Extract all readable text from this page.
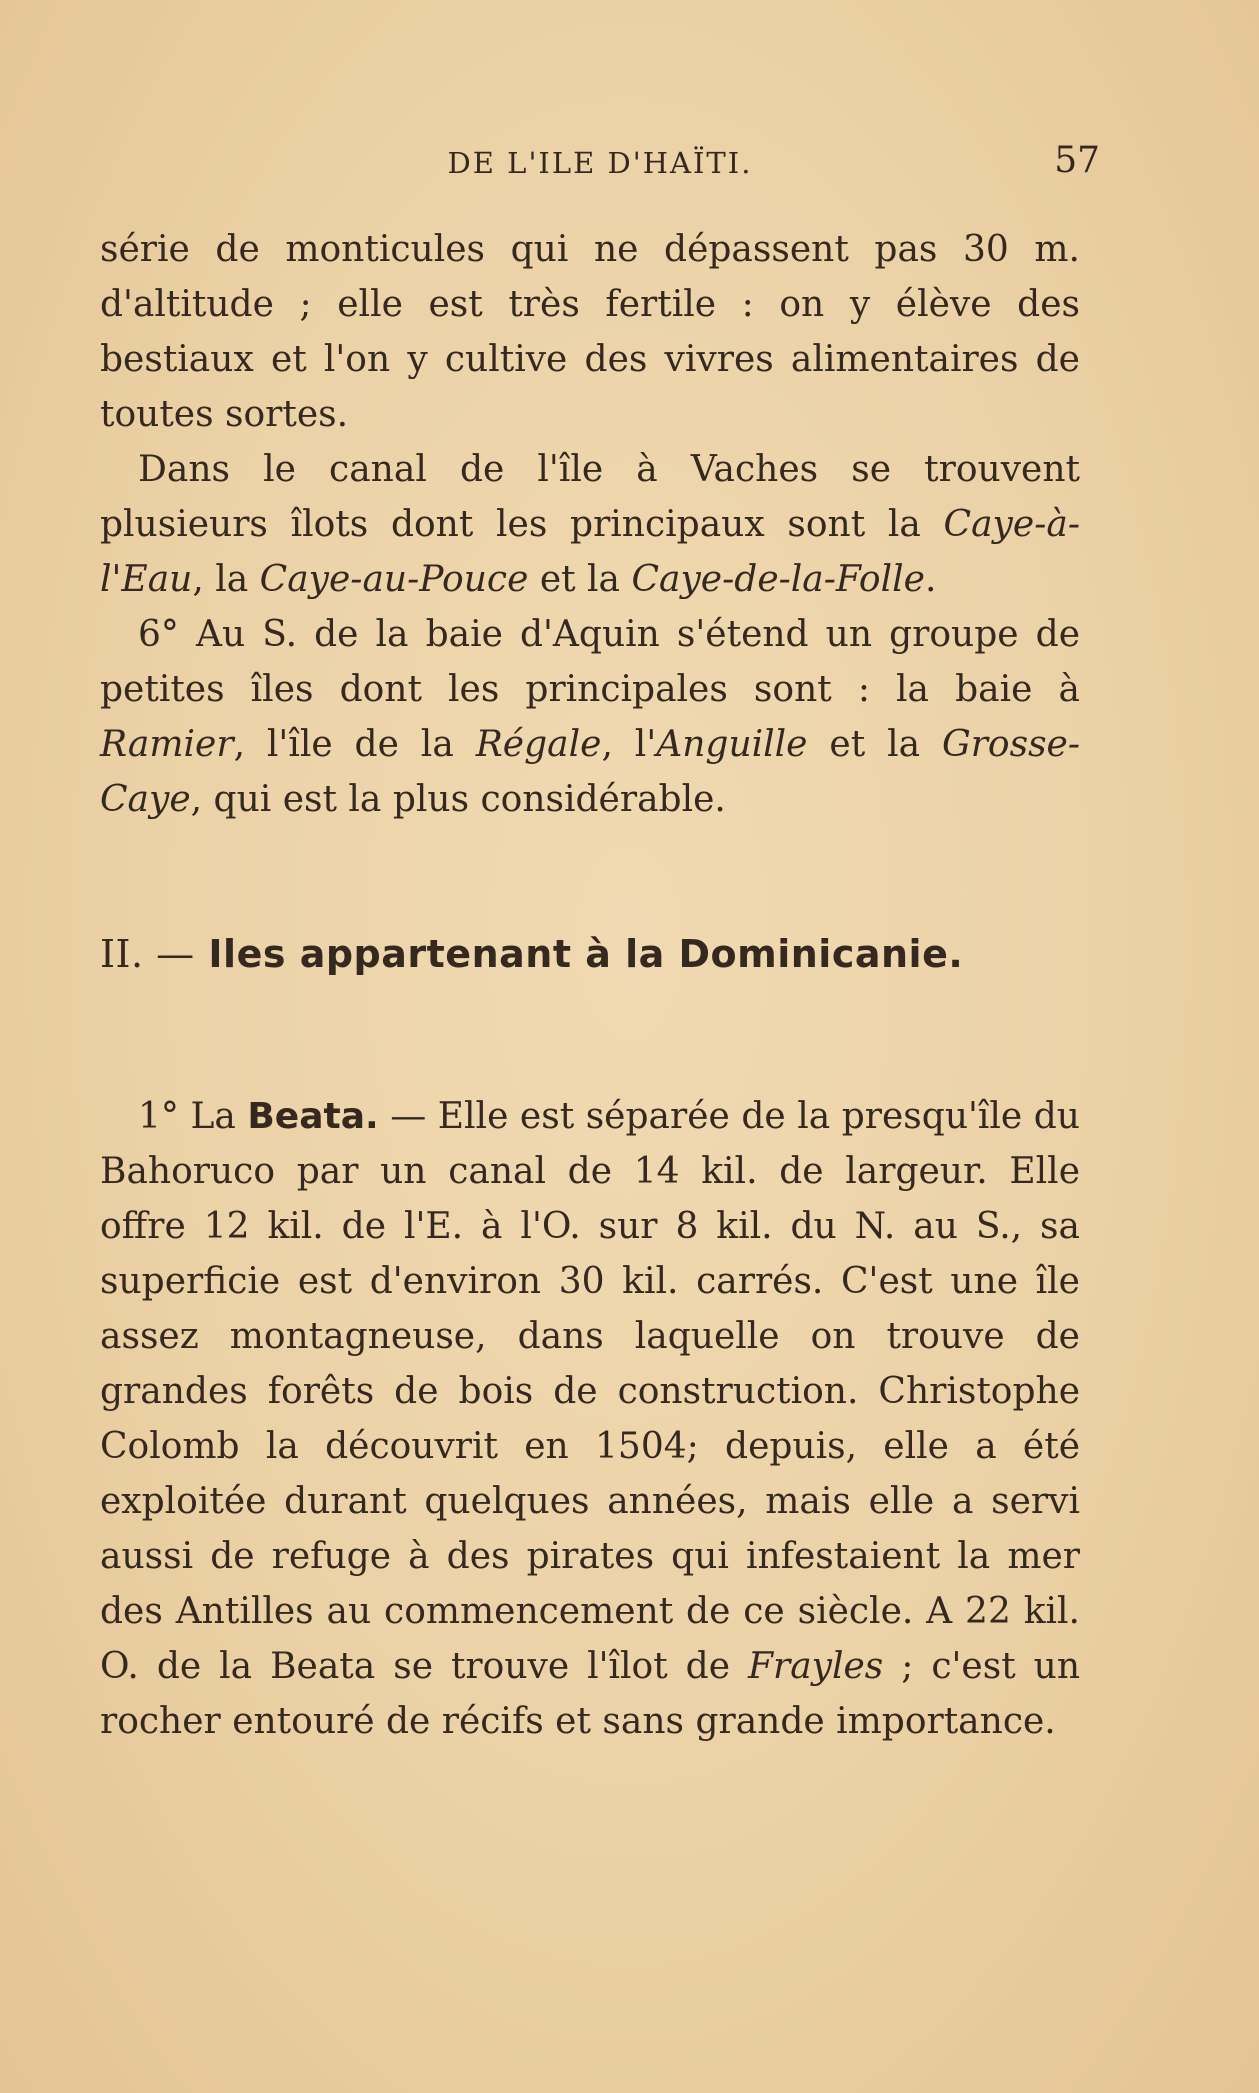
DE L'ILE D'HAÏTI.	57

série de monticules qui ne dépassent pas 30 m. d'altitude ; elle est très fertile : on y élève des bestiaux et l'on y cultive des vivres alimentaires de toutes sortes.

Dans le canal de l'île à Vaches se trouvent plusieurs îlots dont les principaux sont la Caye-à-l'Eau, la Caye-au-Pouce et la Caye-de-la-Folle.

6° Au S. de la baie d'Aquin s'étend un groupe de petites îles dont les principales sont : la baie à Ramier, l'île de la Régale, l'Anguille et la Grosse-Caye, qui est la plus considérable.

II. — Iles appartenant à la Dominicanie.

1° La Beata. — Elle est séparée de la presqu'île du Bahoruco par un canal de 14 kil. de largeur. Elle offre 12 kil. de l'E. à l'O. sur 8 kil. du N. au S., sa superficie est d'environ 30 kil. carrés. C'est une île assez montagneuse, dans laquelle on trouve de grandes forêts de bois de construction. Christophe Colomb la découvrit en 1504; depuis, elle a été exploitée durant quelques années, mais elle a servi aussi de refuge à des pirates qui infestaient la mer des Antilles au commencement de ce siècle. A 22 kil. O. de la Beata se trouve l'îlot de Frayles ; c'est un rocher entouré de récifs et sans grande importance.
